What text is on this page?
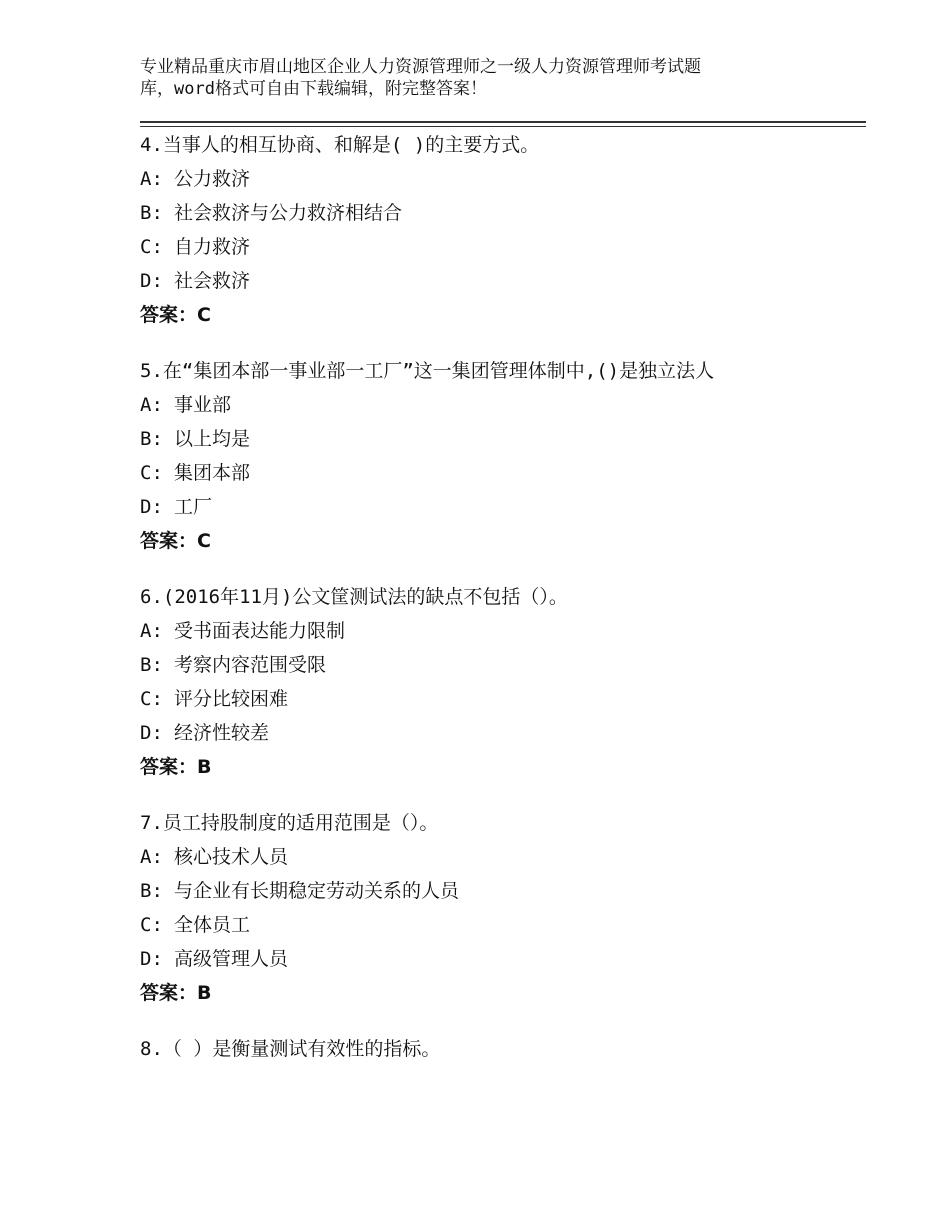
专业精品重庆市眉山地区企业人力资源管理师之一级人力资源管理师考试题
库，word格式可自由下载编辑，附完整答案！
4.当事人的相互协商、和解是( )的主要方式。
A: 公力救济
B: 社会救济与公力救济相结合
C: 自力救济
D: 社会救济
答案：C
5.在“集团本部一事业部一工厂”这一集团管理体制中,()是独立法人
A: 事业部
B: 以上均是
C: 集团本部
D: 工厂
答案：C
6.(2016年11月)公文筐测试法的缺点不包括（）。
A: 受书面表达能力限制
B: 考察内容范围受限
C: 评分比较困难
D: 经济性较差
答案：B
7.员工持股制度的适用范围是（）。
A: 核心技术人员
B: 与企业有长期稳定劳动关系的人员
C: 全体员工
D: 高级管理人员
答案：B
8.（ ）是衡量测试有效性的指标。
